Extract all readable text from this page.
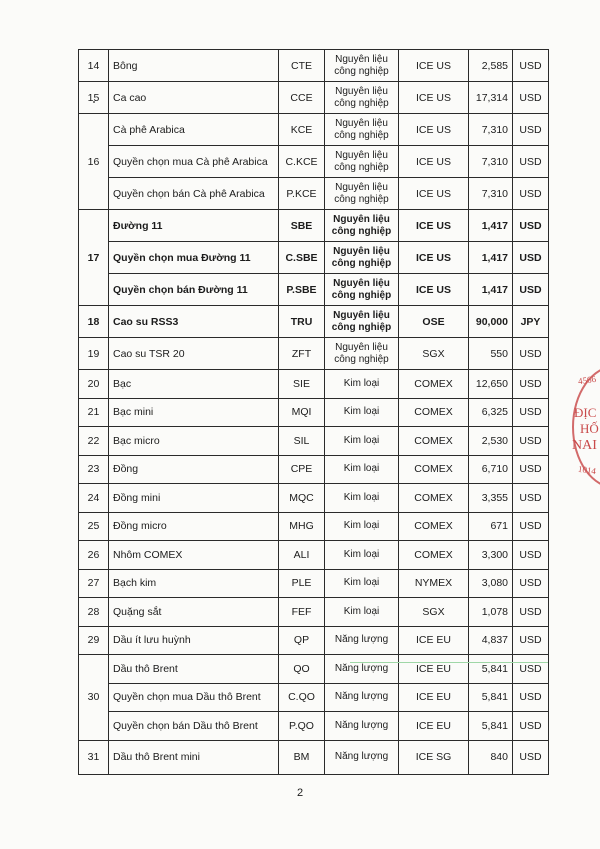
14	Bông	CTE	Nguyên liệu công nghiệp	ICE US	2,585	USD
15	Ca cao	CCE	Nguyên liệu công nghiệp	ICE US	17,314	USD
16	Cà phê Arabica	KCE	Nguyên liệu công nghiệp	ICE US	7,310	USD
	Quyền chọn mua Cà phê Arabica	C.KCE	Nguyên liệu công nghiệp	ICE US	7,310	USD
	Quyền chọn bán Cà phê Arabica	P.KCE	Nguyên liệu công nghiệp	ICE US	7,310	USD
17	Đường 11	SBE	Nguyên liệu công nghiệp	ICE US	1,417	USD
	Quyền chọn mua Đường 11	C.SBE	Nguyên liệu công nghiệp	ICE US	1,417	USD
	Quyền chọn bán Đường 11	P.SBE	Nguyên liệu công nghiệp	ICE US	1,417	USD
18	Cao su RSS3	TRU	Nguyên liệu công nghiệp	OSE	90,000	JPY
19	Cao su TSR 20	ZFT	Nguyên liệu công nghiệp	SGX	550	USD
20	Bạc	SIE	Kim loại	COMEX	12,650	USD
21	Bạc mini	MQI	Kim loại	COMEX	6,325	USD
22	Bạc micro	SIL	Kim loại	COMEX	2,530	USD
23	Đồng	CPE	Kim loại	COMEX	6,710	USD
24	Đồng mini	MQC	Kim loại	COMEX	3,355	USD
25	Đồng micro	MHG	Kim loại	COMEX	671	USD
26	Nhôm COMEX	ALI	Kim loại	COMEX	3,300	USD
27	Bạch kim	PLE	Kim loại	NYMEX	3,080	USD
28	Quặng sắt	FEF	Kim loại	SGX	1,078	USD
29	Dầu ít lưu huỳnh	QP	Năng lượng	ICE EU	4,837	USD
30	Dầu thô Brent	QO	Năng lượng	ICE EU	5,841	USD
	Quyền chọn mua Dầu thô Brent	C.QO	Năng lượng	ICE EU	5,841	USD
	Quyền chọn bán Dầu thô Brent	P.QO	Năng lượng	ICE EU	5,841	USD
31	Dầu thô Brent mini	BM	Năng lượng	ICE SG	840	USD
2
4566
ĐỊC
HỐ
NAI
1014
